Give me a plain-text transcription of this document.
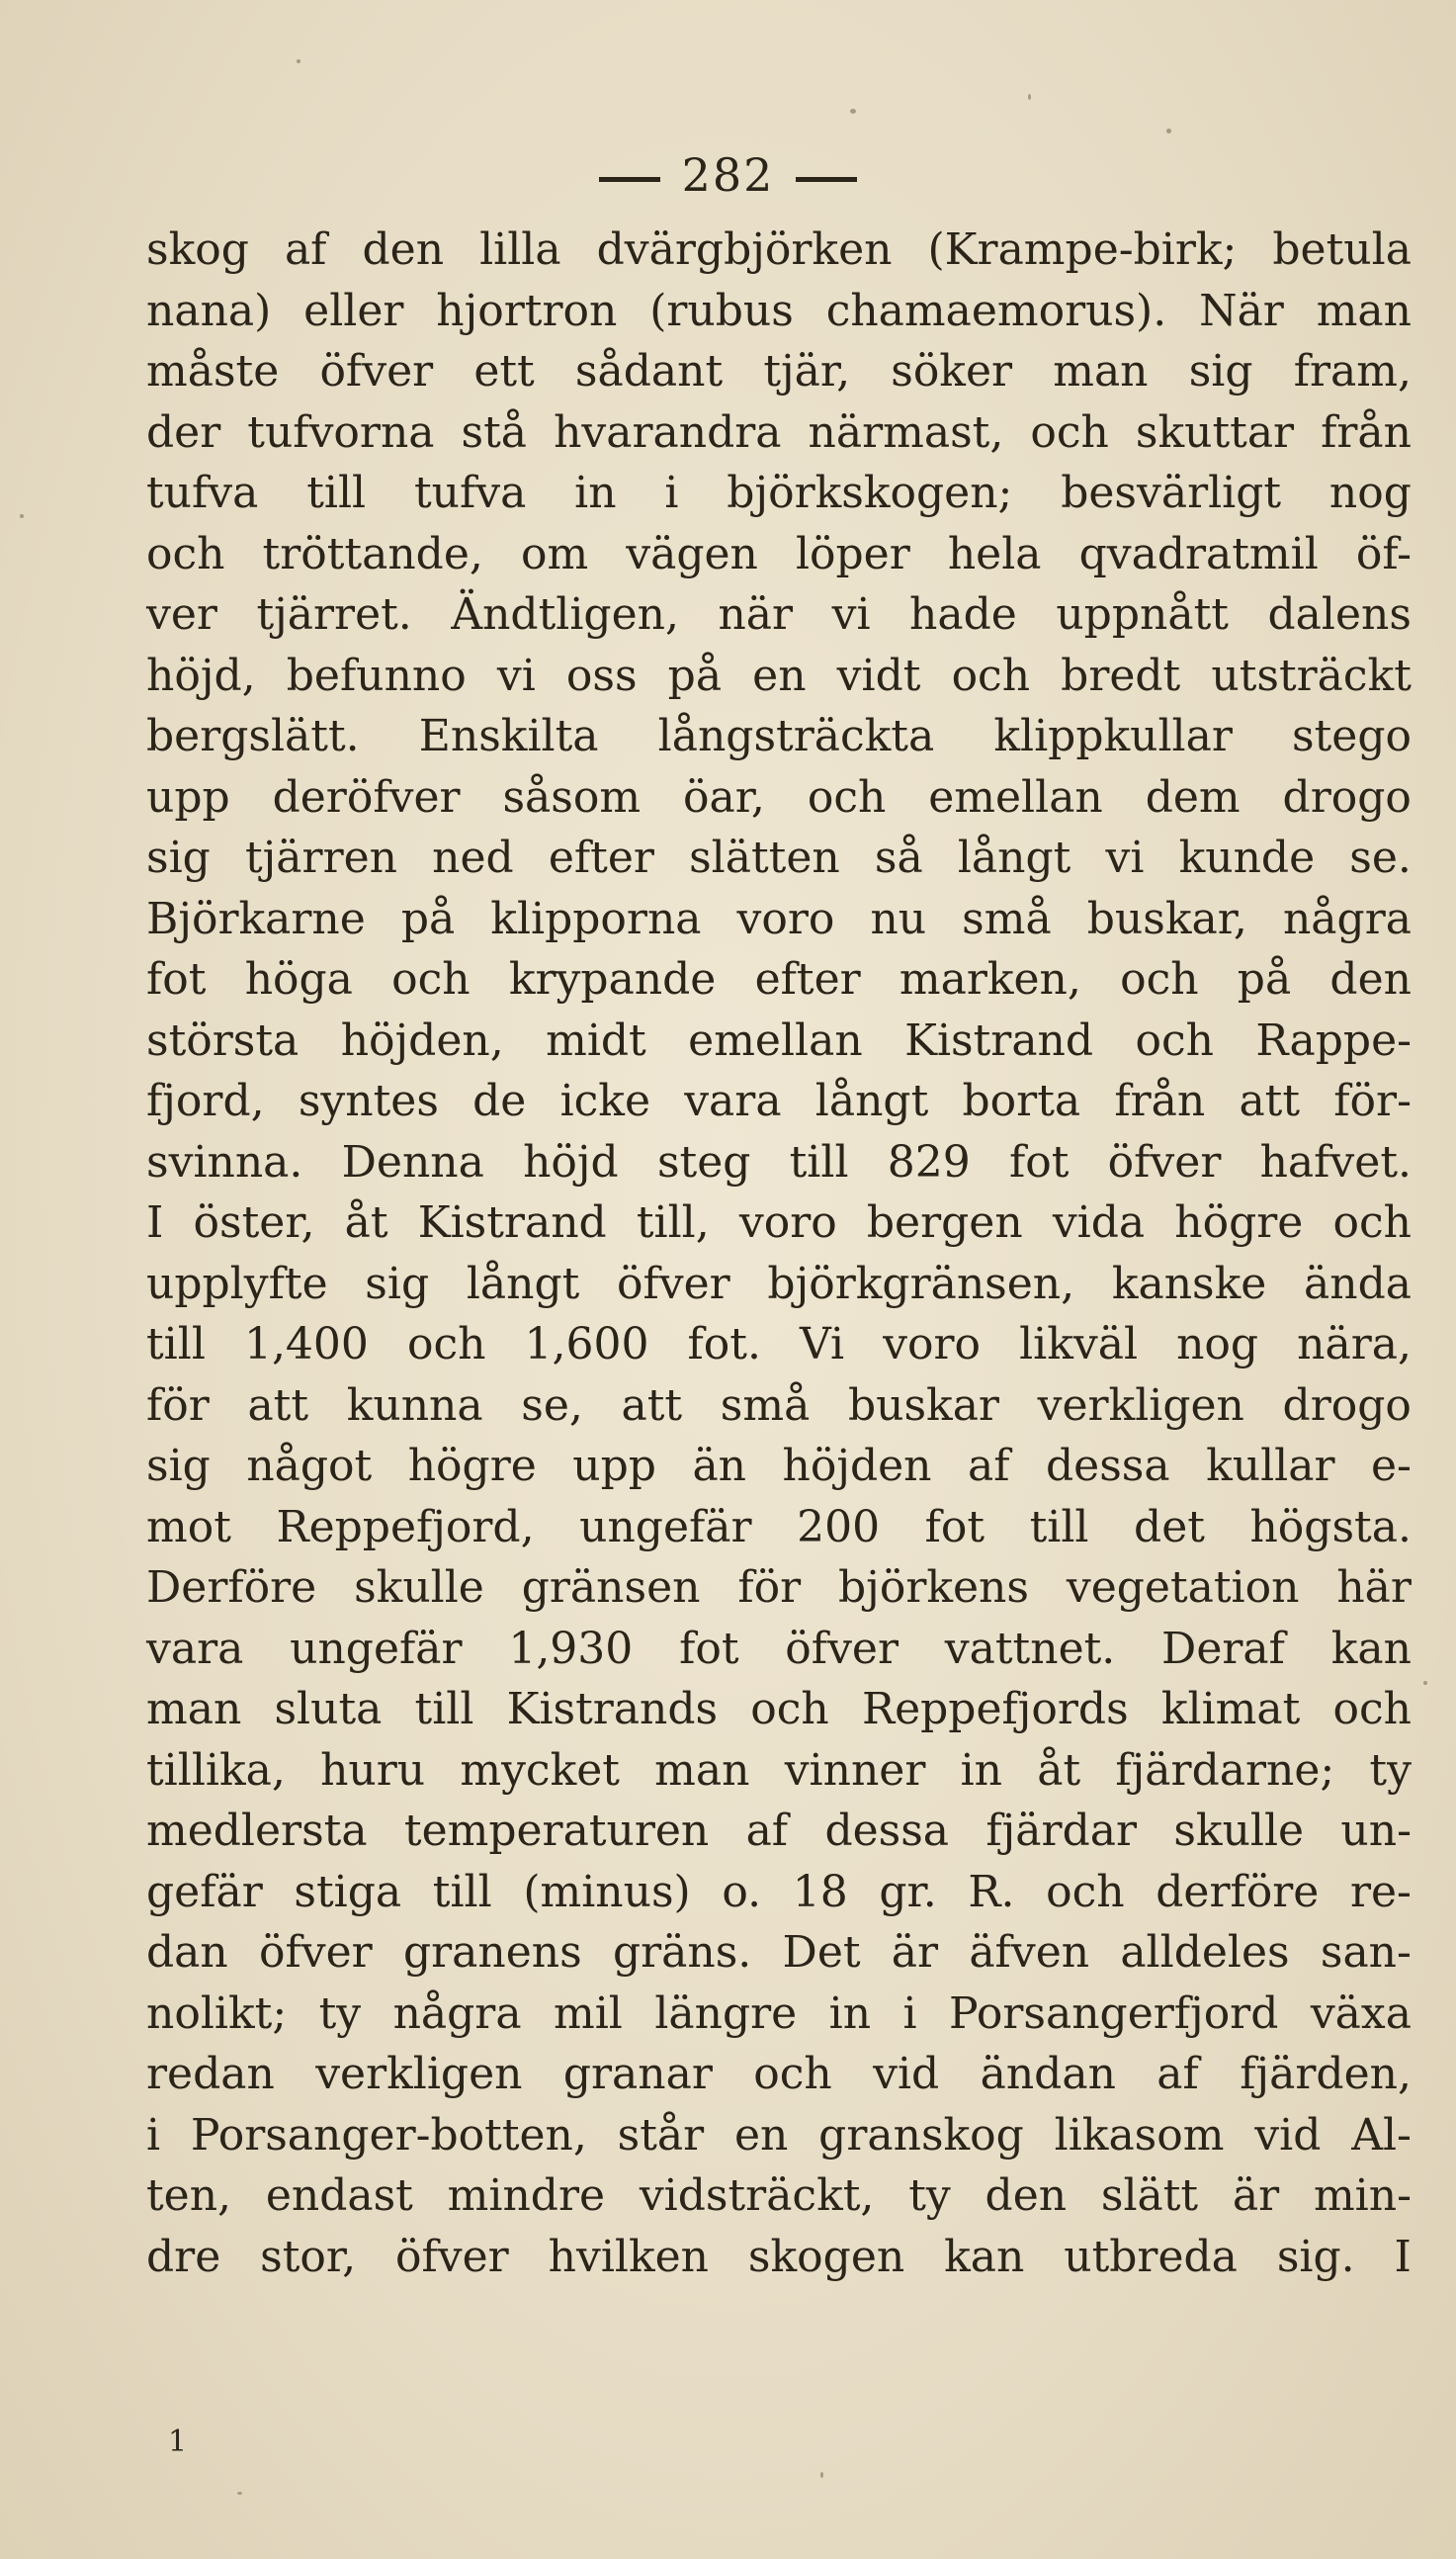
282
skog af den lilla dvärgbjörken (Krampe-birk; betula
nana) eller hjortron (rubus chamaemorus). När man
måste öfver ett sådant tjär, söker man sig fram,
der tufvorna stå hvarandra närmast, och skuttar från
tufva till tufva in i björkskogen; besvärligt nog
och tröttande, om vägen löper hela qvadratmil öf-
ver tjärret. Ändtligen, när vi hade uppnått dalens
höjd, befunno vi oss på en vidt och bredt utsträckt
bergslätt. Enskilta långsträckta klippkullar stego
upp deröfver såsom öar, och emellan dem drogo
sig tjärren ned efter slätten så långt vi kunde se.
Björkarne på klipporna voro nu små buskar, några
fot höga och krypande efter marken, och på den
största höjden, midt emellan Kistrand och Rappe-
fjord, syntes de icke vara långt borta från att för-
svinna. Denna höjd steg till 829 fot öfver hafvet.
I öster, åt Kistrand till, voro bergen vida högre och
upplyfte sig långt öfver björkgränsen, kanske ända
till 1,400 och 1,600 fot. Vi voro likväl nog nära,
för att kunna se, att små buskar verkligen drogo
sig något högre upp än höjden af dessa kullar e-
mot Reppefjord, ungefär 200 fot till det högsta.
Derföre skulle gränsen för björkens vegetation här
vara ungefär 1,930 fot öfver vattnet. Deraf kan
man sluta till Kistrands och Reppefjords klimat och
tillika, huru mycket man vinner in åt fjärdarne; ty
medlersta temperaturen af dessa fjärdar skulle un-
gefär stiga till (minus) o. 18 gr. R. och derföre re-
dan öfver granens gräns. Det är äfven alldeles san-
nolikt; ty några mil längre in i Porsangerfjord växa
redan verkligen granar och vid ändan af fjärden,
i Porsanger-botten, står en granskog likasom vid Al-
ten, endast mindre vidsträckt, ty den slätt är min-
dre stor, öfver hvilken skogen kan utbreda sig. I
1
